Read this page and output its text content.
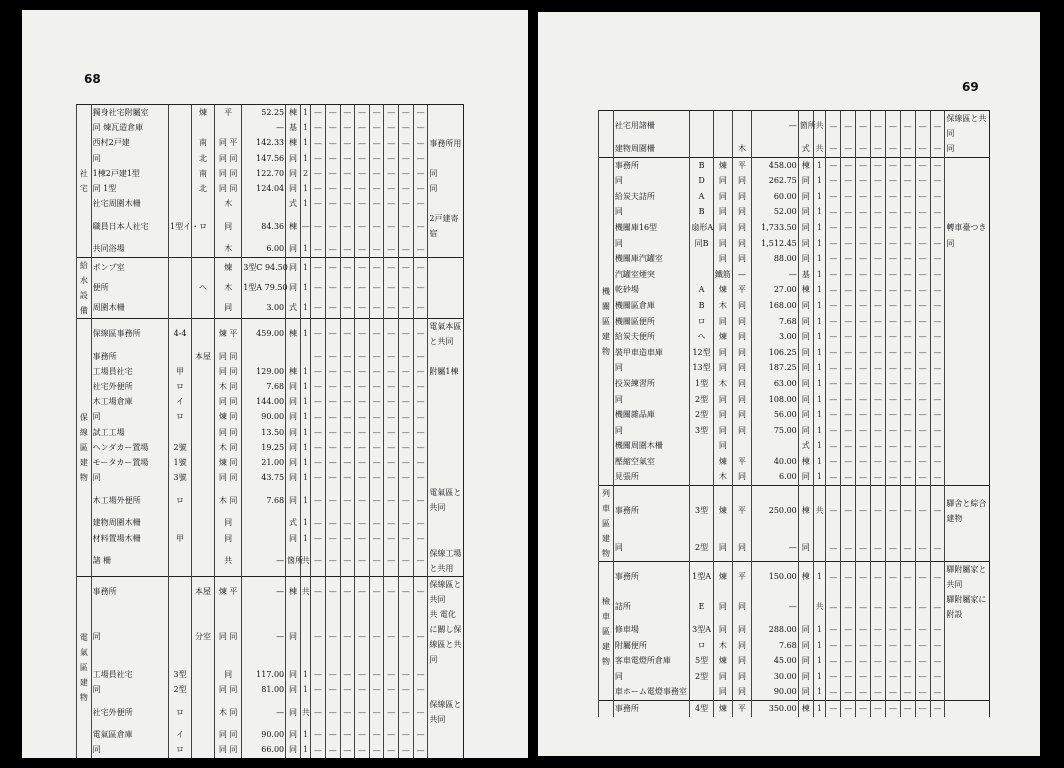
68
社宅	獨身社宅附屬室		煉	平	52.25	棟	1	—	—	—	—	—	—	—	—	
	同 煉瓦造倉庫				—	基	1	—	—	—	—	—	—	—	—	
	西村2戸建		南	同 平	142.33	棟	1	—	—	—	—	—	—	—	—	事務所用
	同		北	同 同	147.56	同	1	—	—	—	—	—	—	—	—	
	1棟2戸建1型		南	同 同	122.70	同	2	—	—	—	—	—	—	—	—	同
	同 1型		北	同 同	124.04	同	1	—	—	—	—	—	—	—	—	同
	社宅周圍木柵			木		式	1	—	—	—	—	—	—	—	—	
	職員日本人社宅	1型イ・ロ		同	84.36	棟	—	—	—	—	—	—	—	—	—	2戸建寄宿
	共同浴場			木	6.00	同	1	—	—	—	—	—	—	—	—	
給水設備	ポンプ室			煉	3型C 94.50	同	1	—	—	—	—	—	—	—	—	
	便所		へ	木	1型A 79.50	同	1	—	—	—	—	—	—	—	—	
	周圍木柵			同	3.00	式	1	—	—	—	—	—	—	—	—	
保線區建物	保線區事務所	4-4		煉 平	459.00	棟	1	—	—	—	—	—	—	—	—	電氣本區と共同
	事務所		本屋	同 同				—	—	—	—	—	—	—	—	
	工場員社宅	甲		同 同	129.00	棟	1	—	—	—	—	—	—	—	—	附屬1棟
	社宅外便所	ロ		木 同	7.68	同	1	—	—	—	—	—	—	—	—	
	木工場倉庫	イ		同 同	144.00	同	1	—	—	—	—	—	—	—	—	
	同	ロ		煉 同	90.00	同	1	—	—	—	—	—	—	—	—	
	試工工場			同 同	13.50	同	1	—	—	—	—	—	—	—	—	
	ヘンダカー置場	2號		木 同	19.25	同	1	—	—	—	—	—	—	—	—	
	モータカー置場	1號		煉 同	21.00	同	1	—	—	—	—	—	—	—	—	
	同	3號		同 同	43.75	同	1	—	—	—	—	—	—	—	—	
	木工場外便所	ロ		木 同	7.68	同	1	—	—	—	—	—	—	—	—	電氣區と共同
	建物周圍木柵			同		式	1	—	—	—	—	—	—	—	—	
	材料置場木柵	甲		同		同	1	—	—	—	—	—	—	—	—	
	諸 柵			共	—	箇所	共	—	—	—	—	—	—	—	—	保線工場と共用
電氣區建物	事務所		本屋	煉 平	—	棟	共	—	—	—	—	—	—	—	—	保線區と共同
	同		分室	同 同	—	同		—	—	—	—	—	—	—	—	共 電化に關し保線區と共同
	工場員社宅	3型		同	117.00	同	1	—	—	—	—	—	—	—	—	
	同	2型		同 同	81.00	同	1	—	—	—	—	—	—	—	—	
	社宅外便所	ロ		木 同	—	同	共	—	—	—	—	—	—	—	—	保線區と共同
	電氣區倉庫	イ		同 同	90.00	同	1	—	—	—	—	—	—	—	—	
	同	ロ		同 同	66.00	同	1	—	—	—	—	—	—	—	—	
69
	社宅用諸柵				—	箇所	共	—	—	—	—	—	—	—	—	保線區と共同
	建物周圍柵			木		式	共	—	—	—	—	—	—	—	—	同
機關區建物	事務所	B	煉	平	458.00	棟	1	—	—	—	—	—	—	—	—	
	同	D	同	同	262.75	同	1	—	—	—	—	—	—	—	—	
	給炭夫詰所	A	同	同	60.00	同	1	—	—	—	—	—	—	—	—	
	同	B	同	同	52.00	同	1	—	—	—	—	—	—	—	—	
	機關庫16型	扇形A	同	同	1,733.50	同	1	—	—	—	—	—	—	—	—	轉車臺つき
	同	同B	同	同	1,512.45	同	1	—	—	—	—	—	—	—	—	同
	機關庫汽罐室		同	同	88.00	同	1	—	—	—	—	—	—	—	—	
	汽罐室煙突		鐵筋	—	—	基	1	—	—	—	—	—	—	—	—	
	乾砂場	A	煉	平	27.00	棟	1	—	—	—	—	—	—	—	—	
	機關區倉庫	B	木	同	168.00	同	1	—	—	—	—	—	—	—	—	
	機關區便所	ロ	同	同	7.68	同	1	—	—	—	—	—	—	—	—	
	給炭夫便所	へ	煉	同	3.00	同	1	—	—	—	—	—	—	—	—	
	裝甲車造車庫	12型	同	同	106.25	同	1	—	—	—	—	—	—	—	—	
	同	13型	同	同	187.25	同	1	—	—	—	—	—	—	—	—	
	投炭練習所	1型	木	同	63.00	同	1	—	—	—	—	—	—	—	—	
	同	2型	同	同	108.00	同	1	—	—	—	—	—	—	—	—	
	機關雜品庫	2型	同	同	56.00	同	1	—	—	—	—	—	—	—	—	
	同	3型	同	同	75.00	同	1	—	—	—	—	—	—	—	—	
	機關周圍木柵		同			式	1	—	—	—	—	—	—	—	—	
	壓縮空氣室		煉	平	40.00	棟	1	—	—	—	—	—	—	—	—	
	見張所		木	同	6.00	同	1	—	—	—	—	—	—	—	—	
列車區建物	事務所	3型	煉	平	250.00	棟	共	—	—	—	—	—	—	—	—	驛舍と綜合建物
	同	2型	同	同	—	同		—	—	—	—	—	—	—	—	
檢車區建物	事務所	1型A	煉	平	150.00	棟	1	—	—	—	—	—	—	—	—	驛附屬家と共同
	詰所	E	同	同	—		共	—	—	—	—	—	—	—	—	驛附屬家に附設
	修車場	3型A	同	同	288.00	同	1	—	—	—	—	—	—	—	—	
	附屬便所	ロ	木	同	7.68	同	1	—	—	—	—	—	—	—	—	
	客車電燈所倉庫	5型	煉	同	45.00	同	1	—	—	—	—	—	—	—	—	
	同	2型	同	同	30.00	同	1	—	—	—	—	—	—	—	—	
	車ホーム電燈事務室		同	同	90.00	同	1	—	—	—	—	—	—	—	—	
	事務所	4型	煉	平	350.00	棟	1	—	—	—	—	—	—	—	—	
